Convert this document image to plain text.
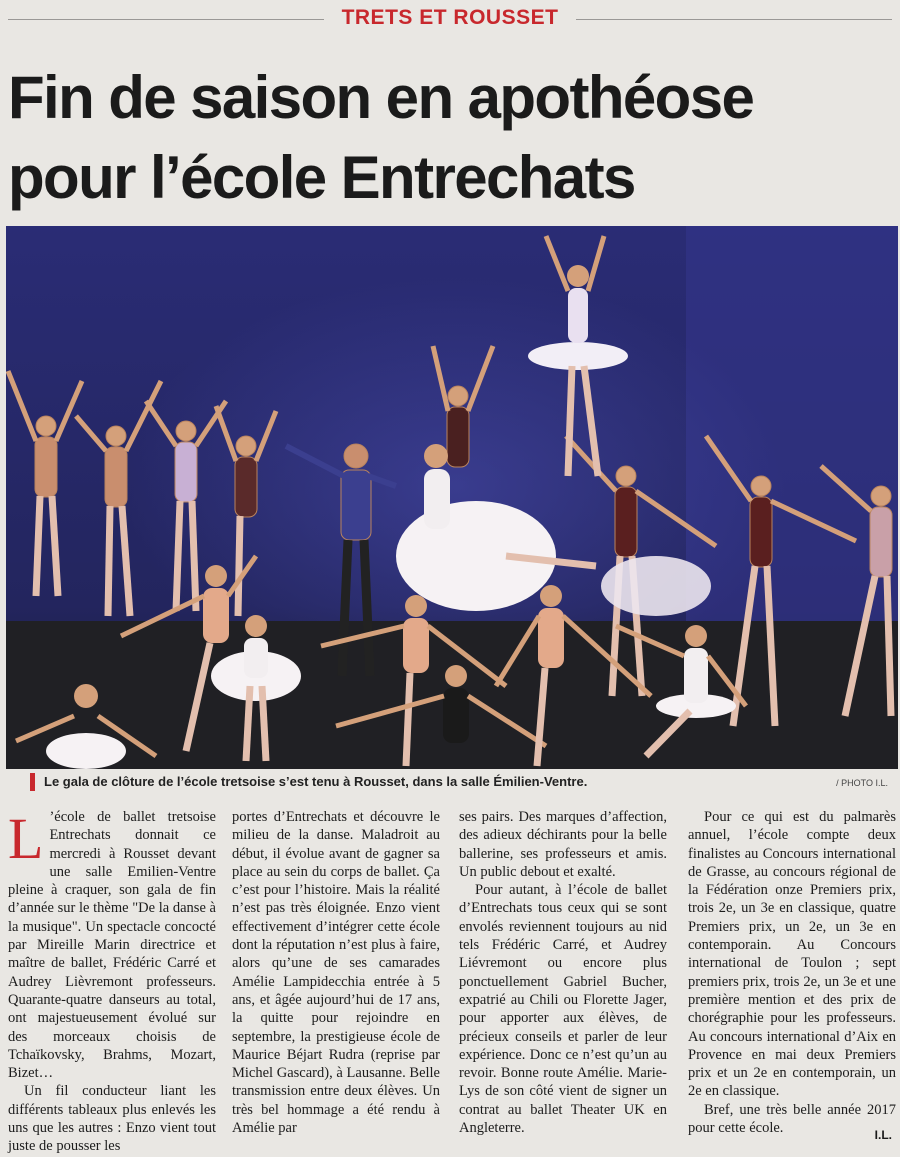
TRETS ET ROUSSET
Fin de saison en apothéose
pour l’école Entrechats
Le gala de clôture de l’école tretsoise s’est tenu à Rousset, dans la salle Émilien-Ventre.	/ PHOTO I.L.

L ’école de ballet tretsoise Entrechats donnait ce mercredi à Rousset devant une salle Emilien-Ventre pleine à craquer, son gala de fin d’année sur le thème "De la danse à la musique". Un spectacle concocté par Mireille Marin directrice et maître de ballet, Frédéric Carré et Audrey Lièvremont professeurs. Quarante-quatre danseurs au total, ont majestueusement évolué sur des morceaux choisis de Tchaïkovsky, Brahms, Mozart, Bizet…

Un fil conducteur liant les différents tableaux plus enlevés les uns que les autres : Enzo vient tout juste de pousser les

portes d’Entrechats et découvre le milieu de la danse. Maladroit au début, il évolue avant de gagner sa place au sein du corps de ballet. Ça c’est pour l’histoire. Mais la réalité n’est pas très éloignée. Enzo vient effectivement d’intégrer cette école dont la réputation n’est plus à faire, alors qu’une de ses camarades Amélie Lampidecchia entrée à 5 ans, et âgée aujourd’hui de 17 ans, la quitte pour rejoindre en septembre, la prestigieuse école de Maurice Béjart Rudra (reprise par Michel Gascard), à Lausanne. Belle transmission entre deux élèves. Un très bel hommage a été rendu à Amélie par

ses pairs. Des marques d’affection, des adieux déchirants pour la belle ballerine, ses professeurs et amis. Un public debout et exalté.

Pour autant, à l’école de ballet d’Entrechats tous ceux qui se sont envolés reviennent toujours au nid tels Frédéric Carré, et Audrey Liévremont ou encore plus ponctuellement Gabriel Bucher, expatrié au Chili ou Florette Jager, pour apporter aux élèves, de précieux conseils et parler de leur expérience. Donc ce n’est qu’un au revoir. Bonne route Amélie. Marie-Lys de son côté vient de signer un contrat au ballet Theater UK en Angleterre.

Pour ce qui est du palmarès annuel, l’école compte deux finalistes au Concours international de Grasse, au concours régional de la Fédération onze Premiers prix, trois 2e, un 3e en classique, quatre Premiers prix, un 2e, un 3e en contemporain. Au Concours international de Toulon ; sept premiers prix, trois 2e, un 3e et une première mention et des prix de chorégraphie pour les professeurs. Au concours international d’Aix en Provence en mai deux Premiers prix et un 2e en contemporain, un 2e en classique.

Bref, une très belle année 2017 pour cette école.	I.L.
